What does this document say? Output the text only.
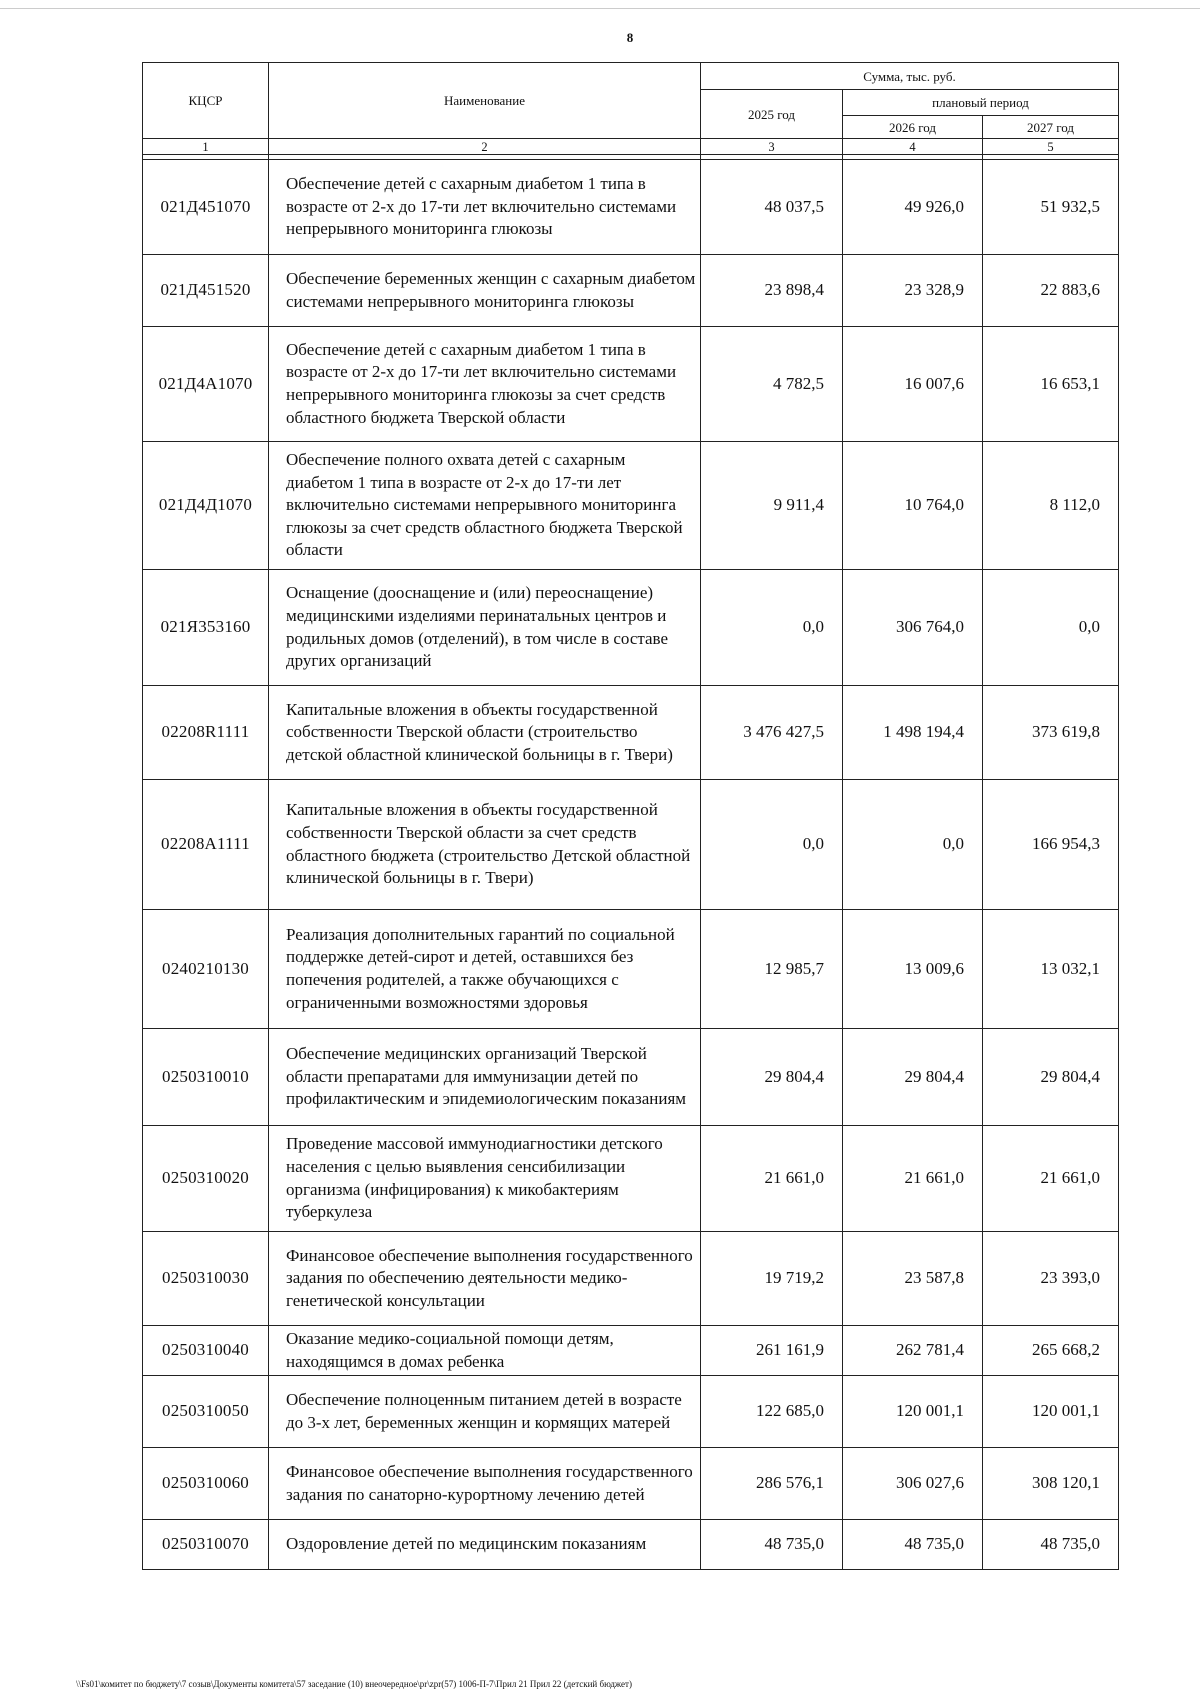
8
КЦСР	Наименование	Сумма, тыс. руб.		
		2025 год	плановый период	
			2026 год	2027 год
1	2	3	4	5

021Д451070	Обеспечение детей с сахарным диабетом 1 типа в возрасте от 2-х до 17-ти лет включительно системами непрерывного мониторинга глюкозы	48 037,5	49 926,0	51 932,5
021Д451520	Обеспечение беременных женщин с сахарным диабетом системами непрерывного мониторинга глюкозы	23 898,4	23 328,9	22 883,6
021Д4А1070	Обеспечение детей с сахарным диабетом 1 типа в возрасте от 2-х до 17-ти лет включительно системами непрерывного мониторинга глюкозы за счет средств областного бюджета Тверской области	4 782,5	16 007,6	16 653,1
021Д4Д1070	Обеспечение полного охвата детей с сахарным диабетом 1 типа в возрасте от 2-х до 17-ти лет включительно системами непрерывного мониторинга глюкозы за счет средств областного бюджета Тверской области	9 911,4	10 764,0	8 112,0
021Я353160	Оснащение (дооснащение и (или) переоснащение) медицинскими изделиями перинатальных центров и родильных домов (отделений), в том числе в составе других организаций	0,0	306 764,0	0,0
02208R1111	Капитальные вложения в объекты государственной собственности Тверской области (строительство детской областной клинической больницы в г. Твери)	3 476 427,5	1 498 194,4	373 619,8
02208А1111	Капитальные вложения в объекты государственной собственности Тверской области за счет средств областного бюджета (строительство Детской областной клинической больницы в г. Твери)	0,0	0,0	166 954,3
0240210130	Реализация дополнительных гарантий по социальной поддержке детей-сирот и детей, оставшихся без попечения родителей, а также обучающихся с ограниченными возможностями здоровья	12 985,7	13 009,6	13 032,1
0250310010	Обеспечение медицинских организаций Тверской области препаратами для иммунизации детей по профилактическим и эпидемиологическим показаниям	29 804,4	29 804,4	29 804,4
0250310020	Проведение массовой иммунодиагностики детского населения с целью выявления сенсибилизации организма (инфицирования) к микобактериям туберкулеза	21 661,0	21 661,0	21 661,0
0250310030	Финансовое обеспечение выполнения государственного задания по обеспечению деятельности медико-генетической консультации	19 719,2	23 587,8	23 393,0
0250310040	Оказание медико-социальной помощи детям, находящимся в домах ребенка	261 161,9	262 781,4	265 668,2
0250310050	Обеспечение полноценным питанием детей в возрасте до 3-х лет, беременных женщин и кормящих матерей	122 685,0	120 001,1	120 001,1
0250310060	Финансовое обеспечение выполнения государственного задания по санаторно-курортному лечению детей	286 576,1	306 027,6	308 120,1
0250310070	Оздоровление детей по медицинским показаниям	48 735,0	48 735,0	48 735,0
\\Fs01\комитет по бюджету\7 созыв\Документы комитета\57 заседание (10) внеочередное\pr\zpr(57) 1006-П-7\Прил 21 Прил 22 (детский бюджет)
